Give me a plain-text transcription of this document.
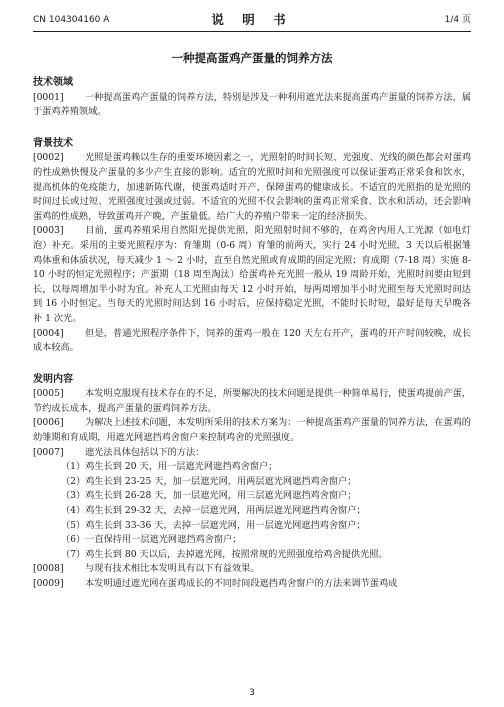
CN 104304160 A	说 明 书	1/4 页
一种提高蛋鸡产蛋量的饲养方法
技术领域

[0001] 一种提高蛋鸡产蛋量的饲养方法，特别是涉及一种利用遮光法来提高蛋鸡产蛋量的饲养方法，属于蛋鸡养殖领域。

背景技术

[0002] 光照是蛋鸡赖以生存的重要环境因素之一，光照射的时间长短、光强度、光线的颜色都会对蛋鸡的性成熟快慢及产蛋量的多少产生直接的影响。适宜的光照时间和光照强度可以保证蛋鸡正常采食和饮水，提高机体的免疫能力，加速新陈代谢，使蛋鸡适时开产，保障蛋鸡的健康成长。不适宜的光照指的是光照的时间过长或过短、光照强度过强或过弱。不适宜的光照不仅会影响的蛋鸡正常采食、饮水和活动，还会影响蛋鸡的性成熟，导致蛋鸡开产晚，产蛋量低。给广大的养殖户带来一定的经济损失。

[0003] 目前，蛋鸡养殖采用自然阳光提供光照，阳光照射时间不够的，在鸡舍内用人工光源（如电灯泡）补充。采用的主要光照程序为：育雏期（0-6 周）育雏的前两天，实行 24 小时光照，3 天以后根据雏鸡体重和体质状况，每天减少 1 ～ 2 小时，直至自然光照或育成期的固定光照；育成期（7-18 周）实施 8-10 小时的恒定光照程序；产蛋期（18 周至淘汰）给蛋鸡补充光照一般从 19 周龄开始，光照时间要由短到长，以每周增加半小时为宜。补充人工光照由每天 12 小时开始，每两周增加半小时光照至每天光照时间达到 16 小时恒定。当每天的光照时间达到 16 小时后，应保持稳定光照，不能时长时短，最好是每天早晚各补 1 次光。

[0004] 但是，普通光照程序条件下，饲养的蛋鸡一般在 120 天左右开产，蛋鸡的开产时间较晚，成长成本较高。

发明内容

[0005] 本发明克服现有技术存在的不足，所要解决的技术问题是提供一种简单易行，使蛋鸡提前产蛋，节约成长成本，提高产蛋量的蛋鸡饲养方法。

[0006] 为解决上述技术问题，本发明所采用的技术方案为：一种提高蛋鸡产蛋量的饲养方法，在蛋鸡的幼雏期和育成期，用遮光网遮挡鸡舍窗户来控制鸡舍的光照强度。

[0007] 遮光法具体包括以下的方法：

（1）鸡生长到 20 天，用一层遮光网遮挡鸡舍窗户；

（2）鸡生长到 23-25 天，加一层遮光网，用两层遮光网遮挡鸡舍窗户；

（3）鸡生长到 26-28 天，加一层遮光网，用三层遮光网遮挡鸡舍窗户；

（4）鸡生长到 29-32 天，去掉一层遮光网，用两层遮光网遮挡鸡舍窗户；

（5）鸡生长到 33-36 天，去掉一层遮光网，用一层遮光网遮挡鸡舍窗户；

（6）一直保持用一层遮光网遮挡鸡舍窗户；

（7）鸡生长到 80 天以后，去掉遮光网，按照常规的光照强度给鸡舍提供光照。

[0008] 与现有技术相比本发明具有以下有益效果。

[0009] 本发明通过遮光网在蛋鸡成长的不同时间段遮挡鸡舍窗户的方法来调节蛋鸡成

3
